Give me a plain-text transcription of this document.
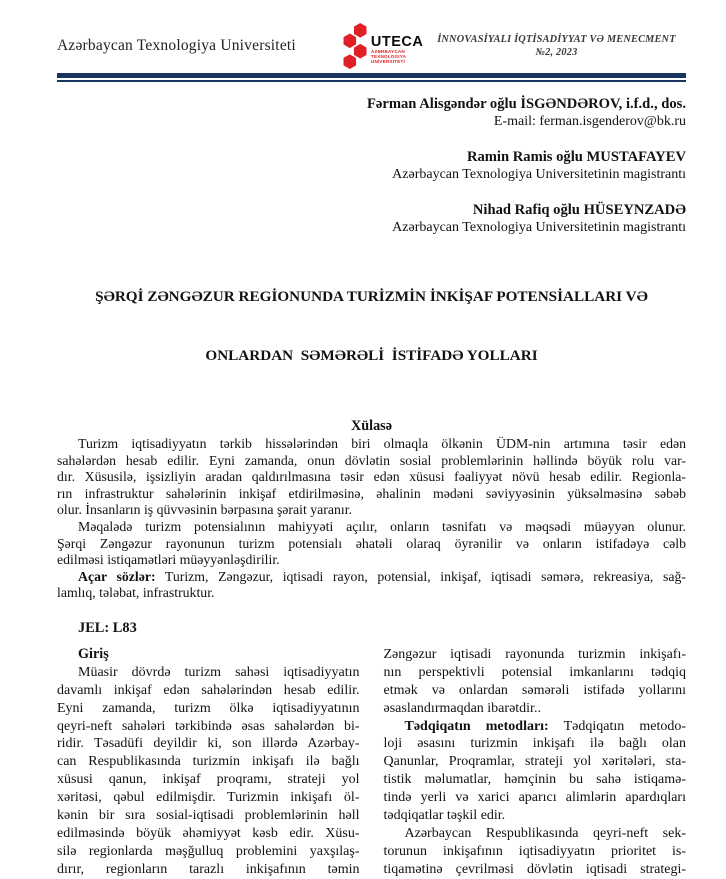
Azərbaycan Texnologiya Universiteti	UTECA
AZƏRBAYCAN TEXNOLOGIYA UNİVERSİTETİ
İNNOVASİYALI İQTİSADİYYAT VƏ MENECMENT
№2, 2023
Fərman Alisgəndər oğlu İSGƏNDƏROV, i.f.d., dos.
E-mail: ferman.isgenderov@bk.ru
Ramin Ramis oğlu MUSTAFAYEV
Azərbaycan Texnologiya Universitetinin magistrantı
Nihad Rafiq oğlu HÜSEYNZADƏ
Azərbaycan Texnologiya Universitetinin magistrantı

ŞƏRQİ ZƏNGƏZUR REGİONUNDA TURİZMİN İNKİŞAF POTENSİALLARI VƏ

ONLARDAN  SƏMƏRƏLİ  İSTİFADƏ YOLLARI

Xülasə
Turizm iqtisadiyyatın tərkib hissələrindən biri olmaqla ölkənin ÜDM-nin artımına təsir edən
sahələrdən hesab edilir. Eyni zamanda, onun dövlətin sosial problemlərinin həllində böyük rolu var-
dır. Xüsusilə, işsizliyin aradan qaldırılmasına təsir edən xüsusi fəaliyyət növü hesab edilir. Regionla-
rın infrastruktur sahələrinin inkişaf etdirilməsinə, əhalinin mədəni səviyyəsinin yüksəlməsinə səbəb
olur. İnsanların iş qüvvəsinin bərpasına şərait yaranır.
Məqalədə turizm potensialının mahiyyəti açılır, onların təsnifatı və məqsədi müəyyən olunur.
Şərqi Zəngəzur rayonunun turizm potensialı əhatəli olaraq öyrənilir və onların istifadəyə cəlb
edilməsi istiqamətləri müəyyənləşdirilir.
Açar sözlər: Turizm, Zəngəzur, iqtisadi rayon, potensial, inkişaf, iqtisadi səmərə, rekreasiya, sağ-
lamlıq, tələbat, infrastruktur.
JEL: L83
Giriş
Müasir dövrdə turizm sahəsi iqtisadiyyatın
davamlı inkişaf edən sahələrindən hesab edilir.
Eyni zamanda, turizm ölkə iqtisadiyyatının
qeyri-neft sahələri tərkibində əsas sahələrdən bi-
ridir. Təsadüfi deyildir ki, son illərdə Azərbay-
can Respublikasında turizmin inkişafı ilə bağlı
xüsusi qanun, inkişaf proqramı, strateji yol
xəritəsi, qəbul edilmişdir. Turizmin inkişafı öl-
kənin bir sıra sosial-iqtisadi problemlərinin həll
edilməsində böyük əhəmiyyət kəsb edir. Xüsu-
silə regionlarda məşğulluq problemini yaxşılaş-
dırır, regionların tarazlı inkişafının təmin
Zəngəzur iqtisadi rayonunda turizmin inkişafı-
nın perspektivli potensial imkanlarını tədqiq
etmək və onlardan səmərəli istifadə yollarını
əsaslandırmaqdan ibarətdir..
Tədqiqatın metodları: Tədqiqatın metodo-
loji əsasını turizmin inkişafı ilə bağlı olan
Qanunlar, Proqramlar, strateji yol xəritələri, sta-
tistik məlumatlar, həmçinin bu sahə istiqamə-
tində yerli və xarici aparıcı alimlərin apardıqları
tədqiqatlar təşkil edir.
Azərbaycan Respublikasında qeyri-neft sek-
torunun inkişafının iqtisadiyyatın prioritet is-
tiqamətinə çevrilməsi dövlətin iqtisadi strategi-
